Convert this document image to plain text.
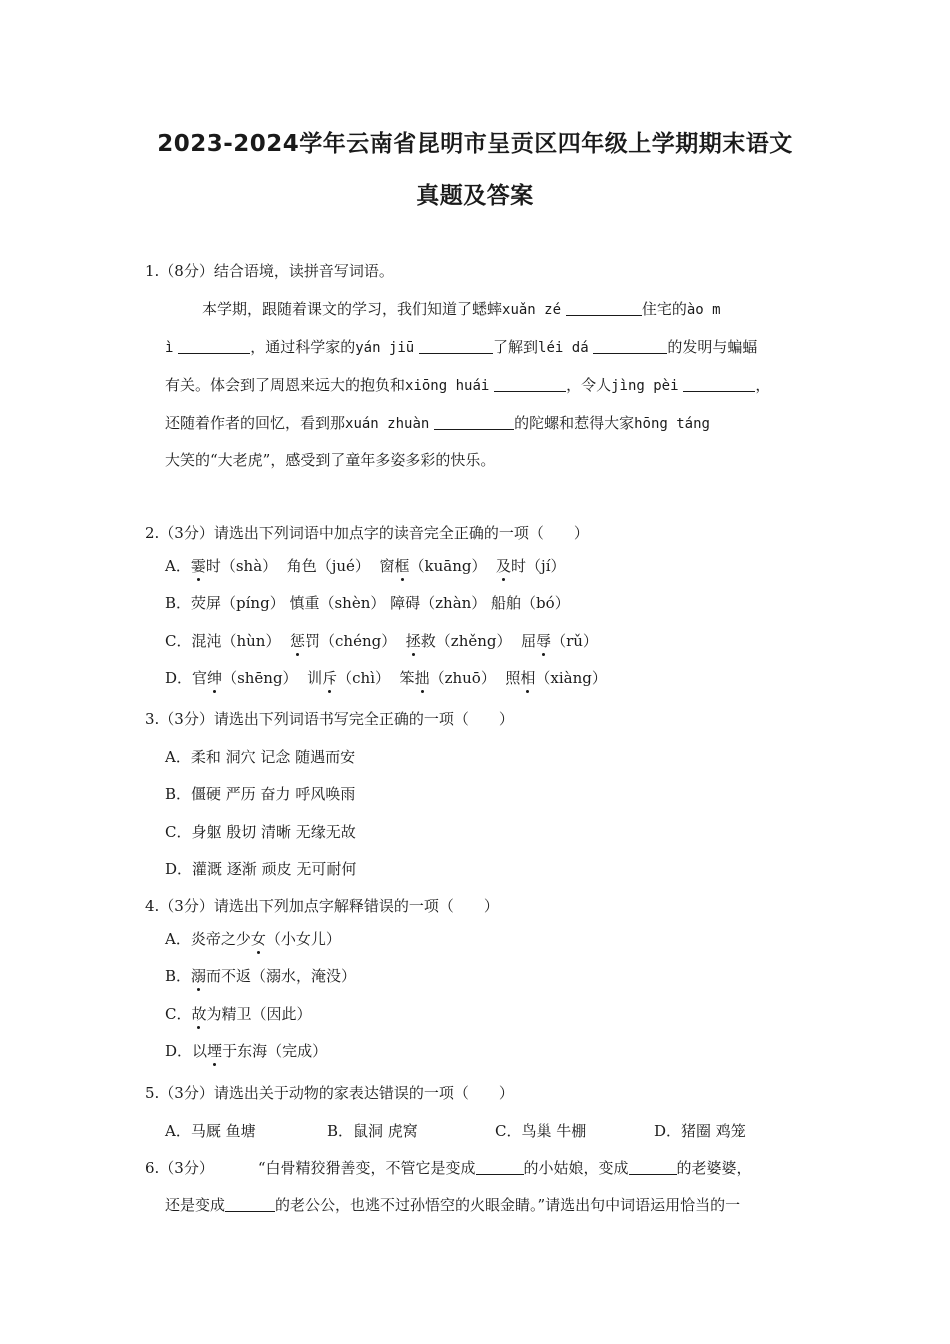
2023-2024学年云南省昆明市呈贡区四年级上学期期末语文
真题及答案
1.（8分）结合语境，读拼音写词语。
本学期，跟随着课文的学习，我们知道了蟋蟀xuǎn zé	住宅的ào m
ì	，通过科学家的yán jiū	了解到léi dá	的发明与蝙蝠
有关。体会到了周恩来远大的抱负和xiōng huái	，令人jìng pèi	，
还随着作者的回忆，看到那xuán zhuàn	的陀螺和惹得大家hōng táng
大笑的“大老虎”，感受到了童年多姿多彩的快乐。
2.（3分）请选出下列词语中加点字的读音完全正确的一项（　　）
A．霎时（shà） 角色（jué） 窗框（kuāng） 及时（jí）
B．荧屏（píng） 慎重（shèn） 障碍（zhàn） 船舶（bó）
C．混沌（hùn） 惩罚（chéng） 拯救（zhěng） 屈辱（rǔ）
D．官绅（shēng） 训斥（chì） 笨拙（zhuō） 照相（xiàng）
3.（3分）请选出下列词语书写完全正确的一项（　　）
A．柔和 洞穴 记念 随遇而安
B．僵硬 严历 奋力 呼风唤雨
C．身躯 殷切 清晰 无缘无故
D．灌溉 逐渐 顽皮 无可耐何
4.（3分）请选出下列加点字解释错误的一项（　　）
A．炎帝之少女（小女儿）
B．溺而不返（溺水，淹没）
C．故为精卫（因此）
D．以堙于东海（完成）
5.（3分）请选出关于动物的家表达错误的一项（　　）
A．马厩 鱼塘	B．鼠洞 虎窝	C．鸟巢 牛棚	D．猪圈 鸡笼
6.（3分）	“白骨精狡猾善变，不管它是变成	的小姑娘，变成	的老婆婆，
还是变成	的老公公，也逃不过孙悟空的火眼金睛。”请选出句中词语运用恰当的一
